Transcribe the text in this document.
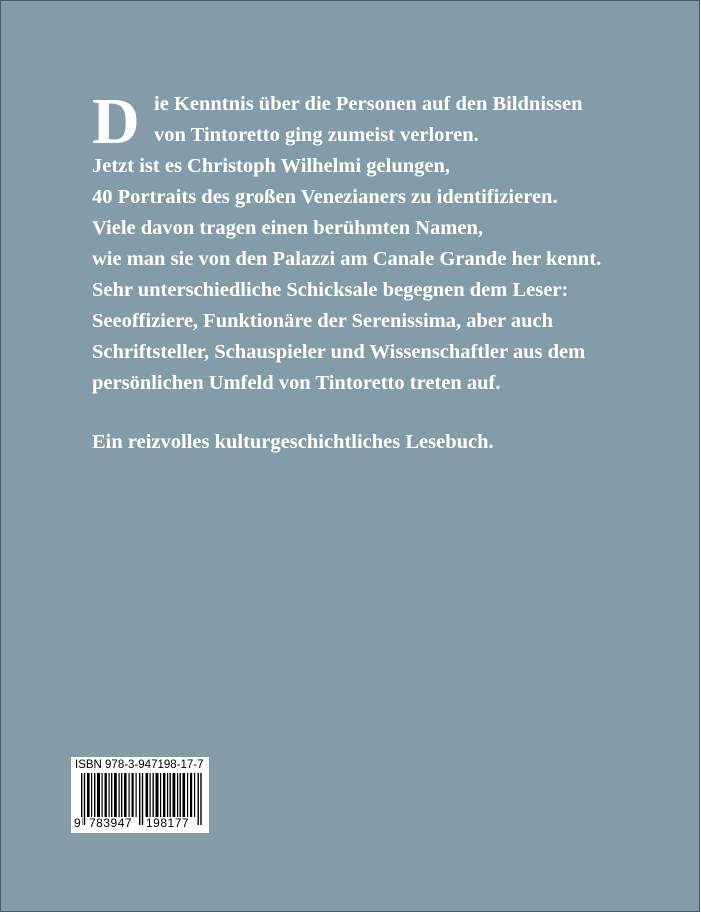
D ie Kenntnis über die Personen auf den Bildnissen
von Tintoretto ging zumeist verloren.
Jetzt ist es Christoph Wilhelmi gelungen,
40 Portraits des großen Venezianers zu identifizieren.
Viele davon tragen einen berühmten Namen,
wie man sie von den Palazzi am Canale Grande her kennt.
Sehr unterschiedliche Schicksale begegnen dem Leser:
Seeoffiziere, Funktionäre der Serenissima, aber auch
Schriftsteller, Schauspieler und Wissenschaftler aus dem
persönlichen Umfeld von Tintoretto treten auf.

Ein reizvolles kulturgeschichtliches Lesebuch.

ISBN 978-3-947198-17-7
9 783947 198177
